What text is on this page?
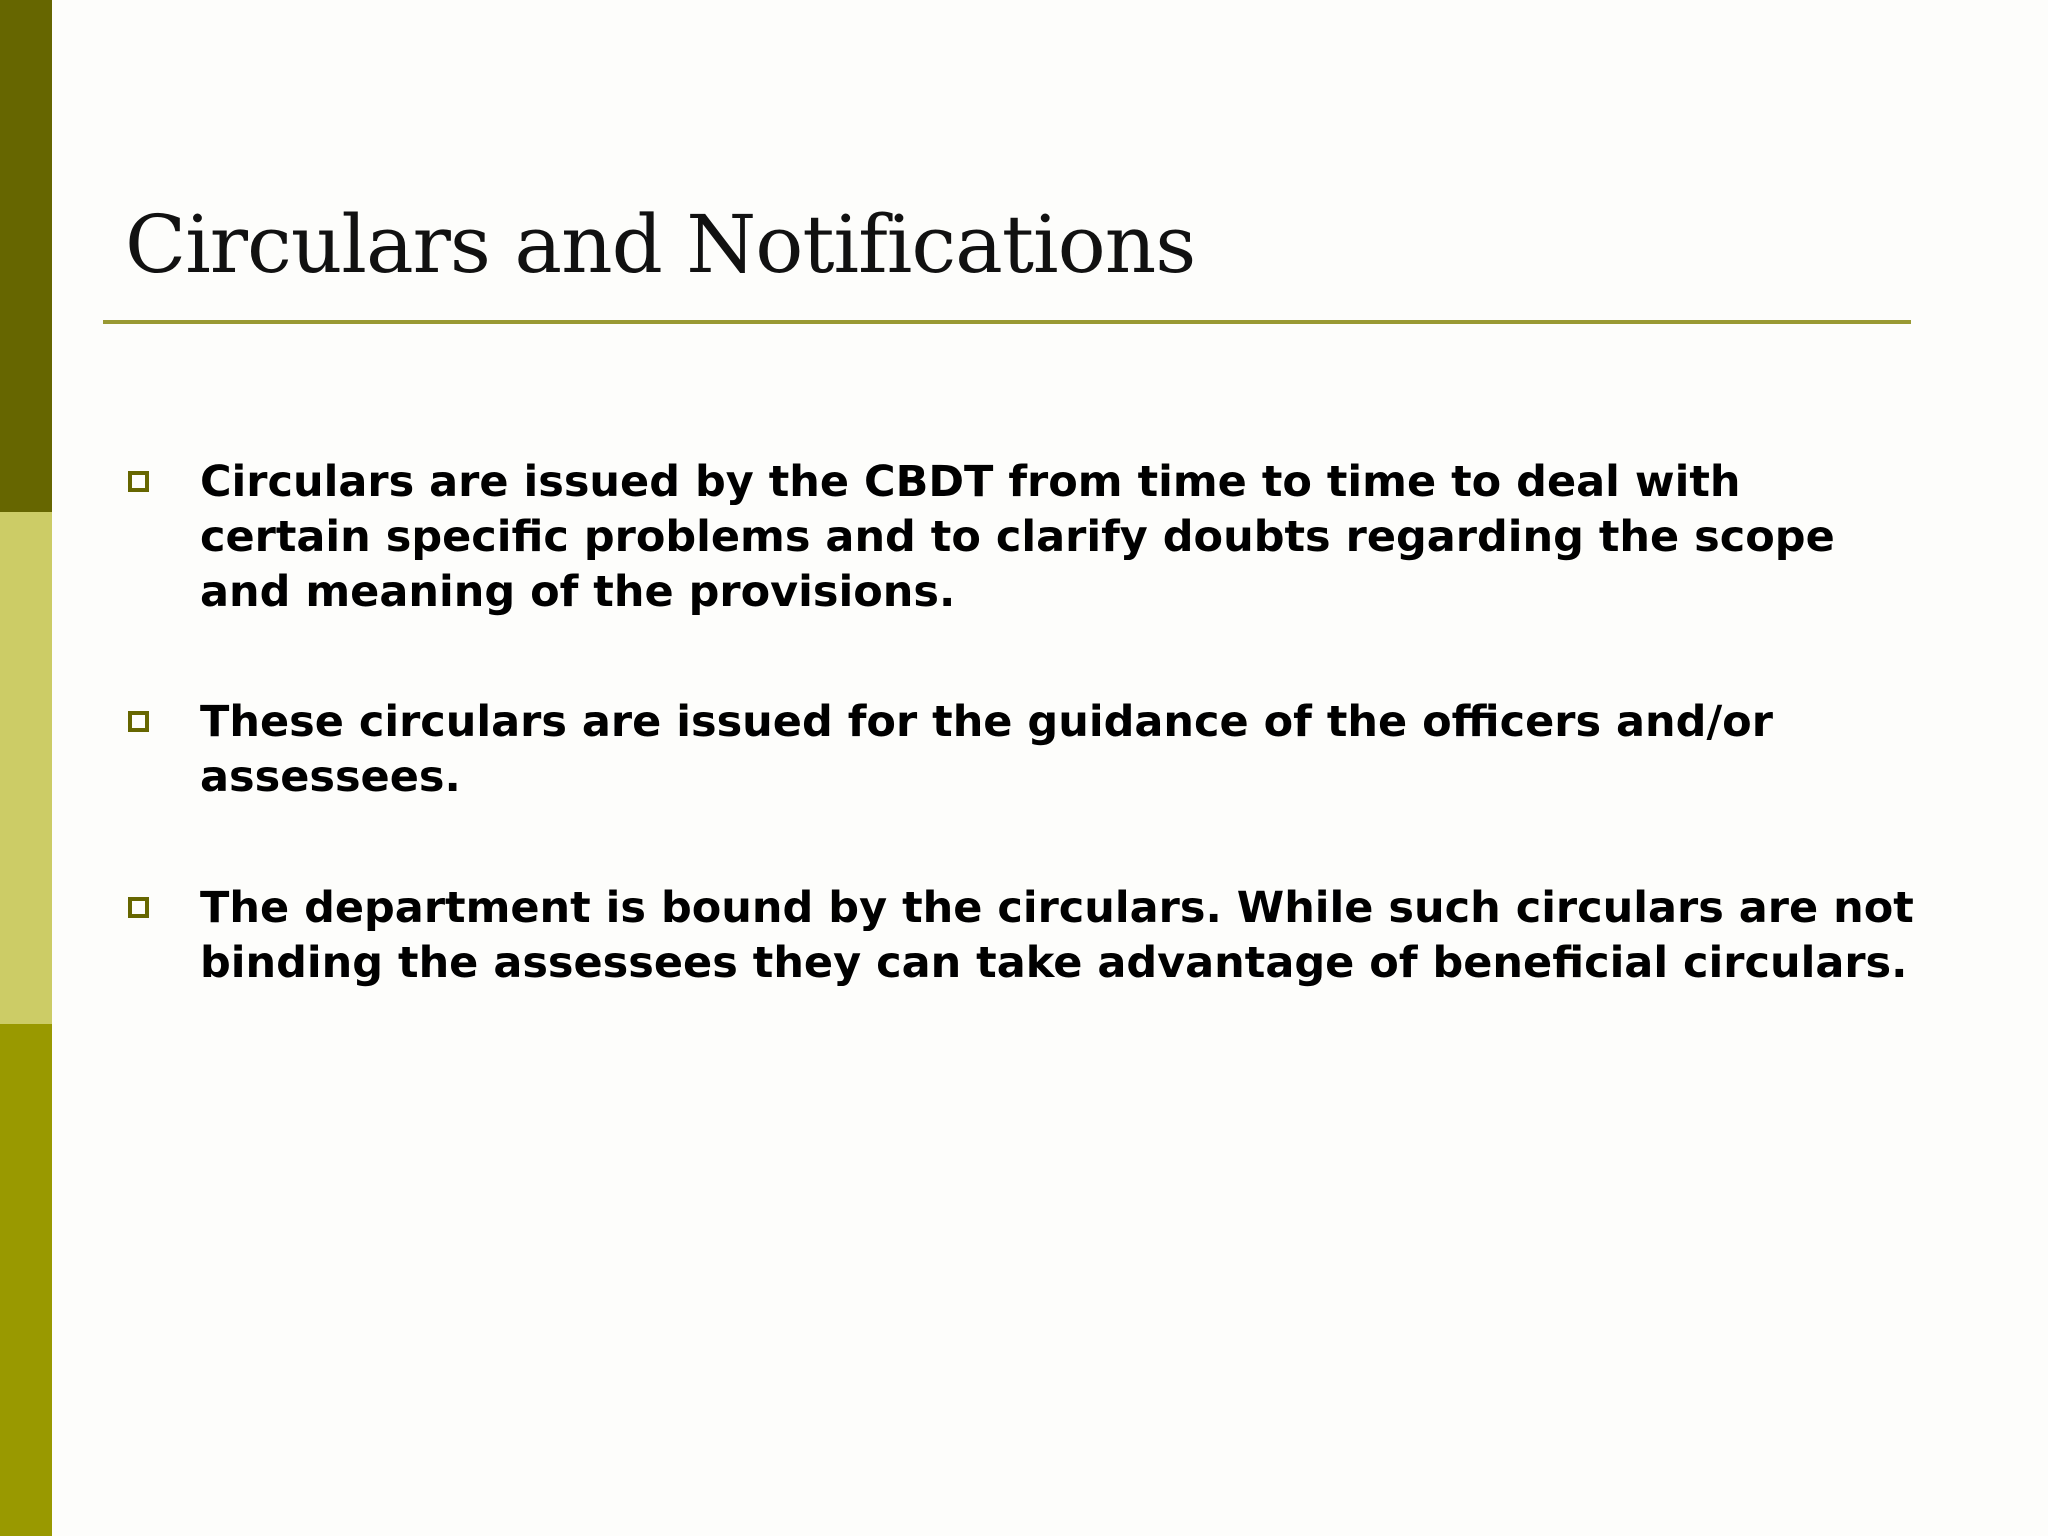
Circulars and Notifications

Circulars are issued by the CBDT from time to time to deal with certain specific problems and to clarify doubts regarding the scope and meaning of the provisions.

These circulars are issued for the guidance of the officers and/or assessees.

The department is bound by the circulars. While such circulars are not binding the assessees they can take advantage of beneficial circulars.
